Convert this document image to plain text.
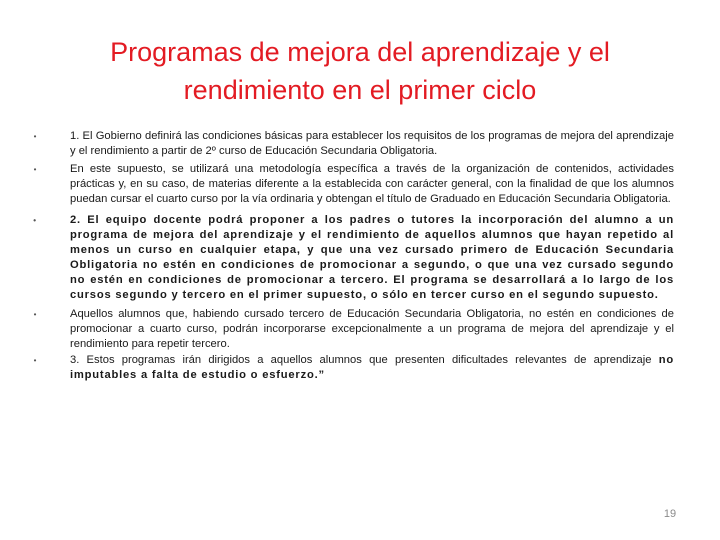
Programas de mejora del aprendizaje y el rendimiento en el primer ciclo
•	1. El Gobierno definirá las condiciones básicas para establecer los requisitos de los programas de mejora del aprendizaje y el rendimiento a partir de 2º curso de Educación Secundaria Obligatoria.
•	En este supuesto, se utilizará una metodología específica a través de la organización de contenidos, actividades prácticas y, en su caso, de materias diferente a la establecida con carácter general, con la finalidad de que los alumnos puedan cursar el cuarto curso por la vía ordinaria y obtengan el título de Graduado en Educación Secundaria Obligatoria.
•	2. El equipo docente podrá proponer a los padres o tutores la incorporación del alumno a un programa de mejora del aprendizaje y el rendimiento de aquellos alumnos que hayan repetido al menos un curso en cualquier etapa, y que una vez cursado primero de Educación Secundaria Obligatoria no estén en condiciones de promocionar a segundo, o que una vez cursado segundo no estén en condiciones de promocionar a tercero. El programa se desarrollará a lo largo de los cursos segundo y tercero en el primer supuesto, o sólo en tercer curso en el segundo supuesto.
•	Aquellos alumnos que, habiendo cursado tercero de Educación Secundaria Obligatoria, no estén en condiciones de promocionar a cuarto curso, podrán incorporarse excepcionalmente a un programa de mejora del aprendizaje y el rendimiento para repetir tercero.
•	3. Estos programas irán dirigidos a aquellos alumnos que presenten dificultades relevantes de aprendizaje no imputables a falta de estudio o esfuerzo.”
19
